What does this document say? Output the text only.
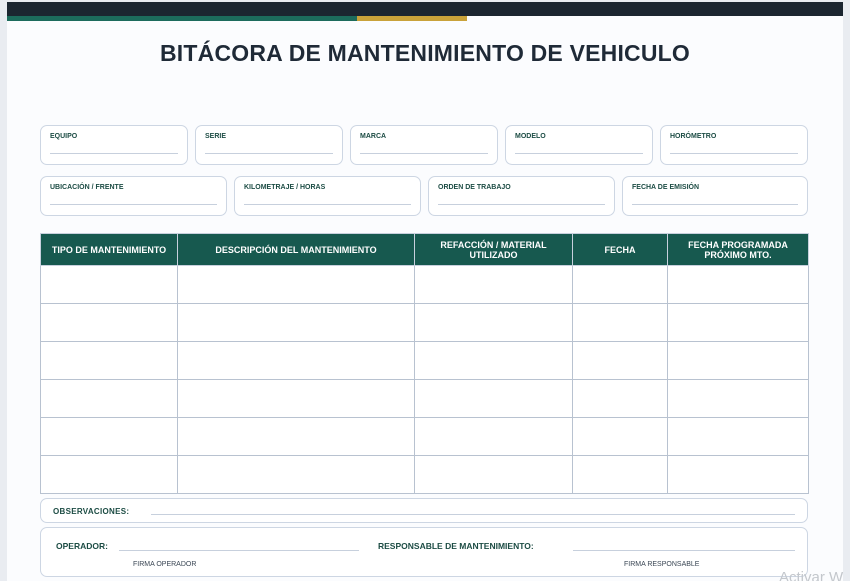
BITÁCORA DE MANTENIMIENTO DE VEHICULO
EQUIPO	SERIE	MARCA	MODELO	HORÓMETRO
UBICACIÓN / FRENTE	KILOMETRAJE / HORAS	ORDEN DE TRABAJO	FECHA DE EMISIÓN
TIPO DE MANTENIMIENTO	DESCRIPCIÓN DEL MANTENIMIENTO	REFACCIÓN / MATERIAL UTILIZADO	FECHA	FECHA PROGRAMADA PRÓXIMO MTO.

OBSERVACIONES:
OPERADOR:
FIRMA OPERADOR
RESPONSABLE DE MANTENIMIENTO:
FIRMA RESPONSABLE
Activar W
